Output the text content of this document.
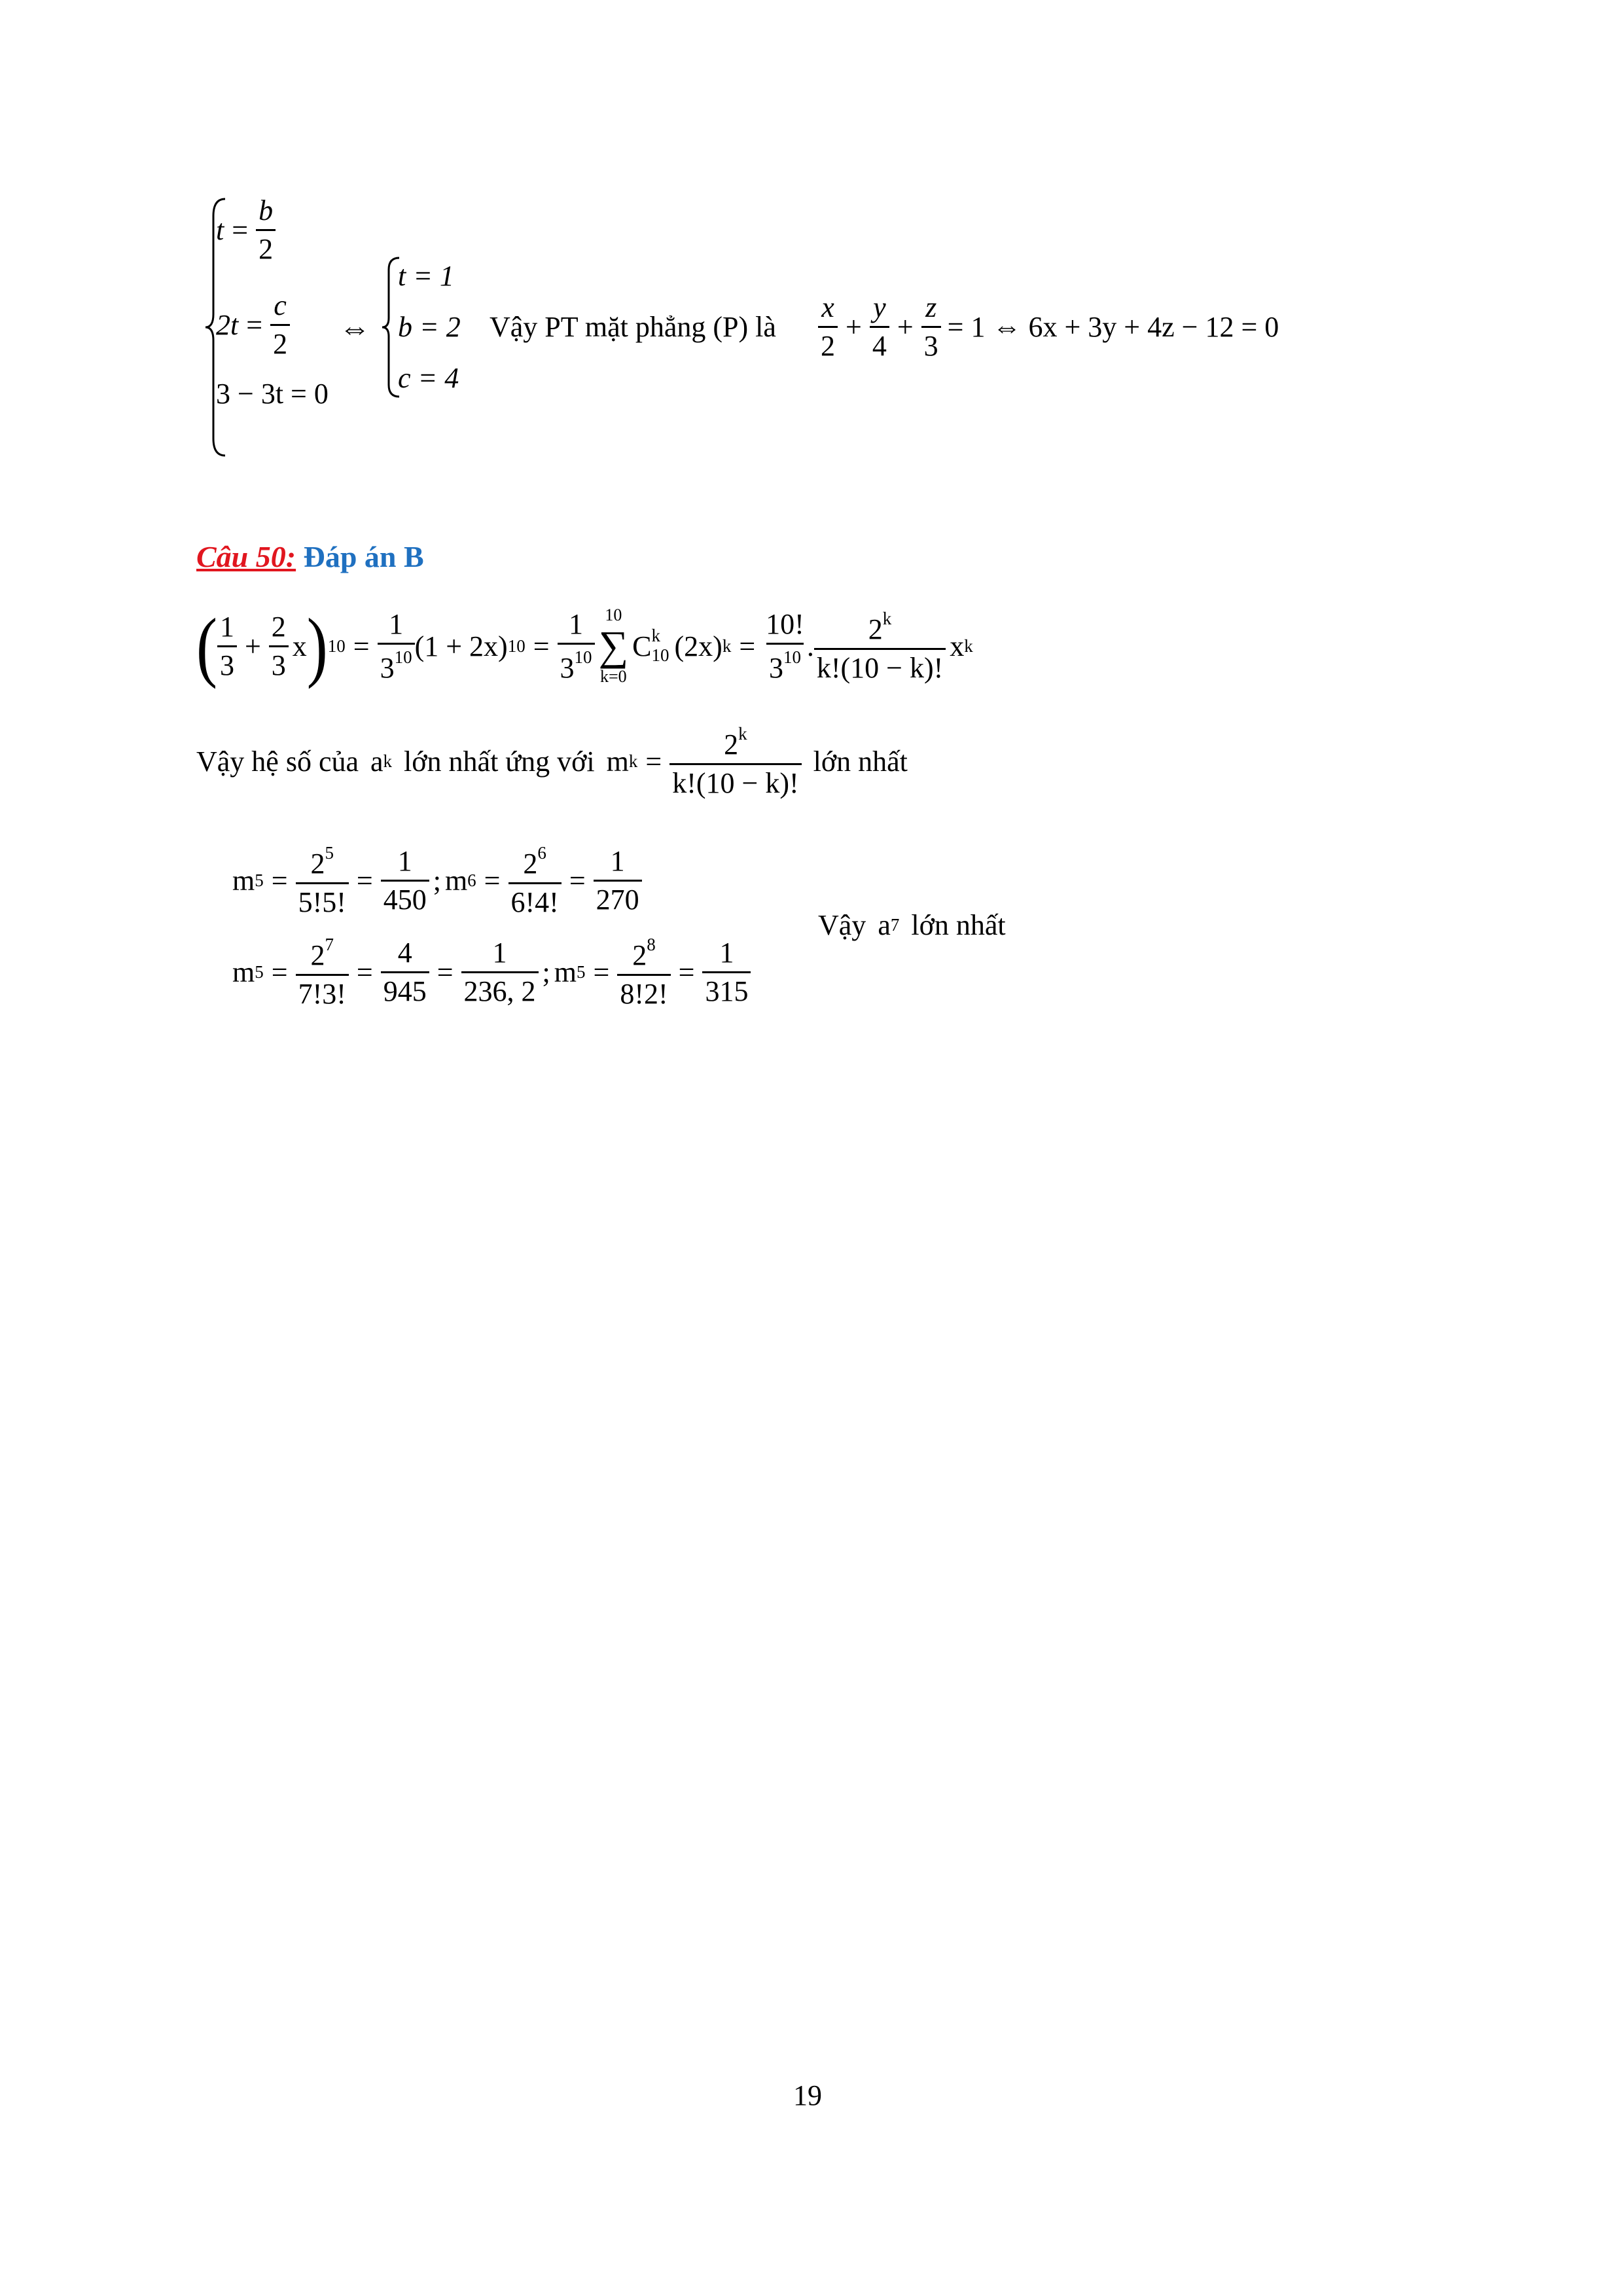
$t = \frac{b}{2}$
$2t = \frac{c}{2}$
3 − 3t = 0
⇔
t = 1
b = 2
c = 4
Vậy PT mặt phẳng (P) là $\frac{x}{2} + \frac{y}{4} + \frac{z}{3} = 1$ ⇔ 6x + 3y + 4z − 12 = 0
Câu 50: Đáp án B
( $\frac{1}{3} + \frac{2}{3}$ x ) $10 = \frac{1}{3^{10}} (1 + 2x) 10 = \frac{1}{3^{10}} 10$
∑
k=0
C k
10 (2x) $k = \frac{10!}{3^{10}}$ . $\frac{2^k}{k!(10 - k)!}$ x k
Vậy hệ số của a k lớn nhất ứng với m $k = \frac{2^k}{k!(10 - k)!}$ lớn nhất
m $5 = \frac{2^5}{5!5!} = \frac{1}{450}$ ; m $6 = \frac{2^6}{6!4!} = \frac{1}{270}$
m $5 = \frac{2^7}{7!3!} = \frac{4}{945} = \frac{1}{236, 2}$ ; m $5 = \frac{2^8}{8!2!} = \frac{1}{315}$
Vậy a 7 lớn nhất
19
